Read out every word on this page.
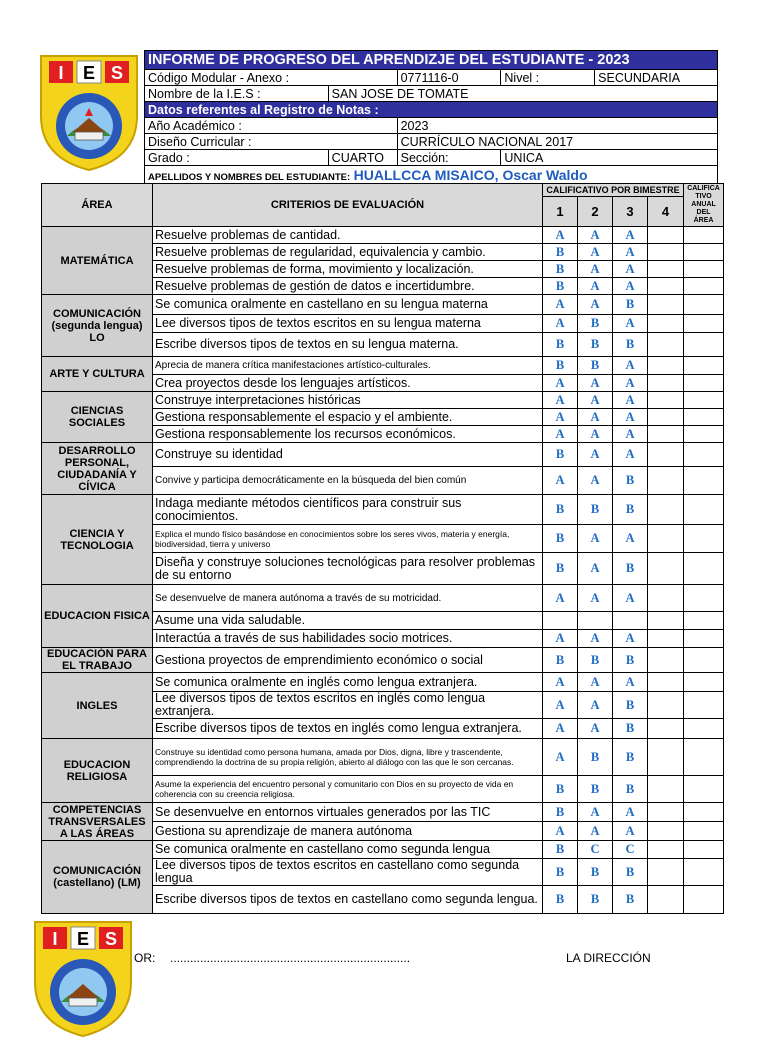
I E S
I E S
INFORME DE PROGRESO DEL APRENDIZJE DEL ESTUDIANTE - 2023				
Código Modular - Anexo :		0771116-0	Nivel :	SECUNDARIA
Nombre de la I.E.S :	SAN JOSE DE TOMATE			
Datos referentes al Registro de Notas :				
Año Académico :		2023		
Diseño Curricular :		CURRÍCULO NACIONAL 2017		
Grado :	CUARTO	Sección:	UNICA	
APELLIDOS Y NOMBRES DEL ESTUDIANTE: HUALLCCA MISAICO, Oscar Waldo				
ÁREA	CRITERIOS DE EVALUACIÓN	CALIFICATIVO POR BIMESTRE				CALIFICA TIVO ANUAL DEL ÁREA
		1	2	3	4	
MATEMÁTICA	Resuelve problemas de cantidad.	A	A	A		
	Resuelve problemas de regularidad, equivalencia y cambio.	B	A	A		
	Resuelve problemas de forma, movimiento y localización.	B	A	A		
	Resuelve problemas de gestión de datos e incertidumbre.	B	A	A		
COMUNICACIÓN (segunda lengua) LO	Se comunica oralmente en castellano en su lengua materna	A	A	B		
	Lee diversos tipos de textos escritos en su lengua materna	A	B	A		
	Escribe diversos tipos de textos en su lengua materna.	B	B	B		
ARTE Y CULTURA	Aprecia de manera crítica manifestaciones artístico-culturales.	B	B	A		
	Crea proyectos desde los lenguajes artísticos.	A	A	A		
CIENCIAS SOCIALES	Construye interpretaciones históricas	A	A	A		
	Gestiona responsablemente el espacio y el ambiente.	A	A	A		
	Gestiona responsablemente los recursos económicos.	A	A	A		
DESARROLLO PERSONAL, CIUDADANÍA Y CÍVICA	Construye su identidad	B	A	A		
	Convive y participa democráticamente en la búsqueda del bien común	A	A	B		
CIENCIA Y TECNOLOGIA	Indaga mediante métodos científicos para construir sus conocimientos.	B	B	B		
	Explica el mundo físico basándose en conocimientos sobre los seres vivos, materia y energía, biodiversidad, tierra y universo	B	A	A		
	Diseña y construye soluciones tecnológicas para resolver problemas de su entorno	B	A	B		
EDUCACION FISICA	Se desenvuelve de manera autónoma a través de su motricidad.	A	A	A		
	Asume una vida saludable.					
	Interactúa a través de sus habilidades socio motrices.	A	A	A		
EDUCACIÓN PARA EL TRABAJO	Gestiona proyectos de emprendimiento económico o social	B	B	B		
INGLES	Se comunica oralmente en inglés como lengua extranjera.	A	A	A		
	Lee diversos tipos de textos escritos en inglés como lengua extranjera.	A	A	B		
	Escribe diversos tipos de textos en inglés como lengua extranjera.	A	A	B		
EDUCACION RELIGIOSA	Construye su identidad como persona humana, amada por Dios, digna, libre y trascendente, comprendiendo la doctrina de su propia religión, abierto al diálogo con las que le son cercanas.	A	B	B		
	Asume la experiencia del encuentro personal y comunitario con Dios en su proyecto de vida en coherencia con su creencia religiosa.	B	B	B		
COMPETENCIAS TRANSVERSALES A LAS ÁREAS	Se desenvuelve en entornos virtuales generados por las TIC	B	A	A		
	Gestiona su aprendizaje de manera autónoma	A	A	A		
COMUNICACIÓN (castellano) (LM)	Se comunica oralmente en castellano como segunda lengua	B	C	C		
	Lee diversos tipos de textos escritos en castellano como segunda lengua	B	B	B		
	Escribe diversos tipos de textos en castellano como segunda lengua.	B	B	B		
OR: ........................................................................	LA DIRECCIÓN
